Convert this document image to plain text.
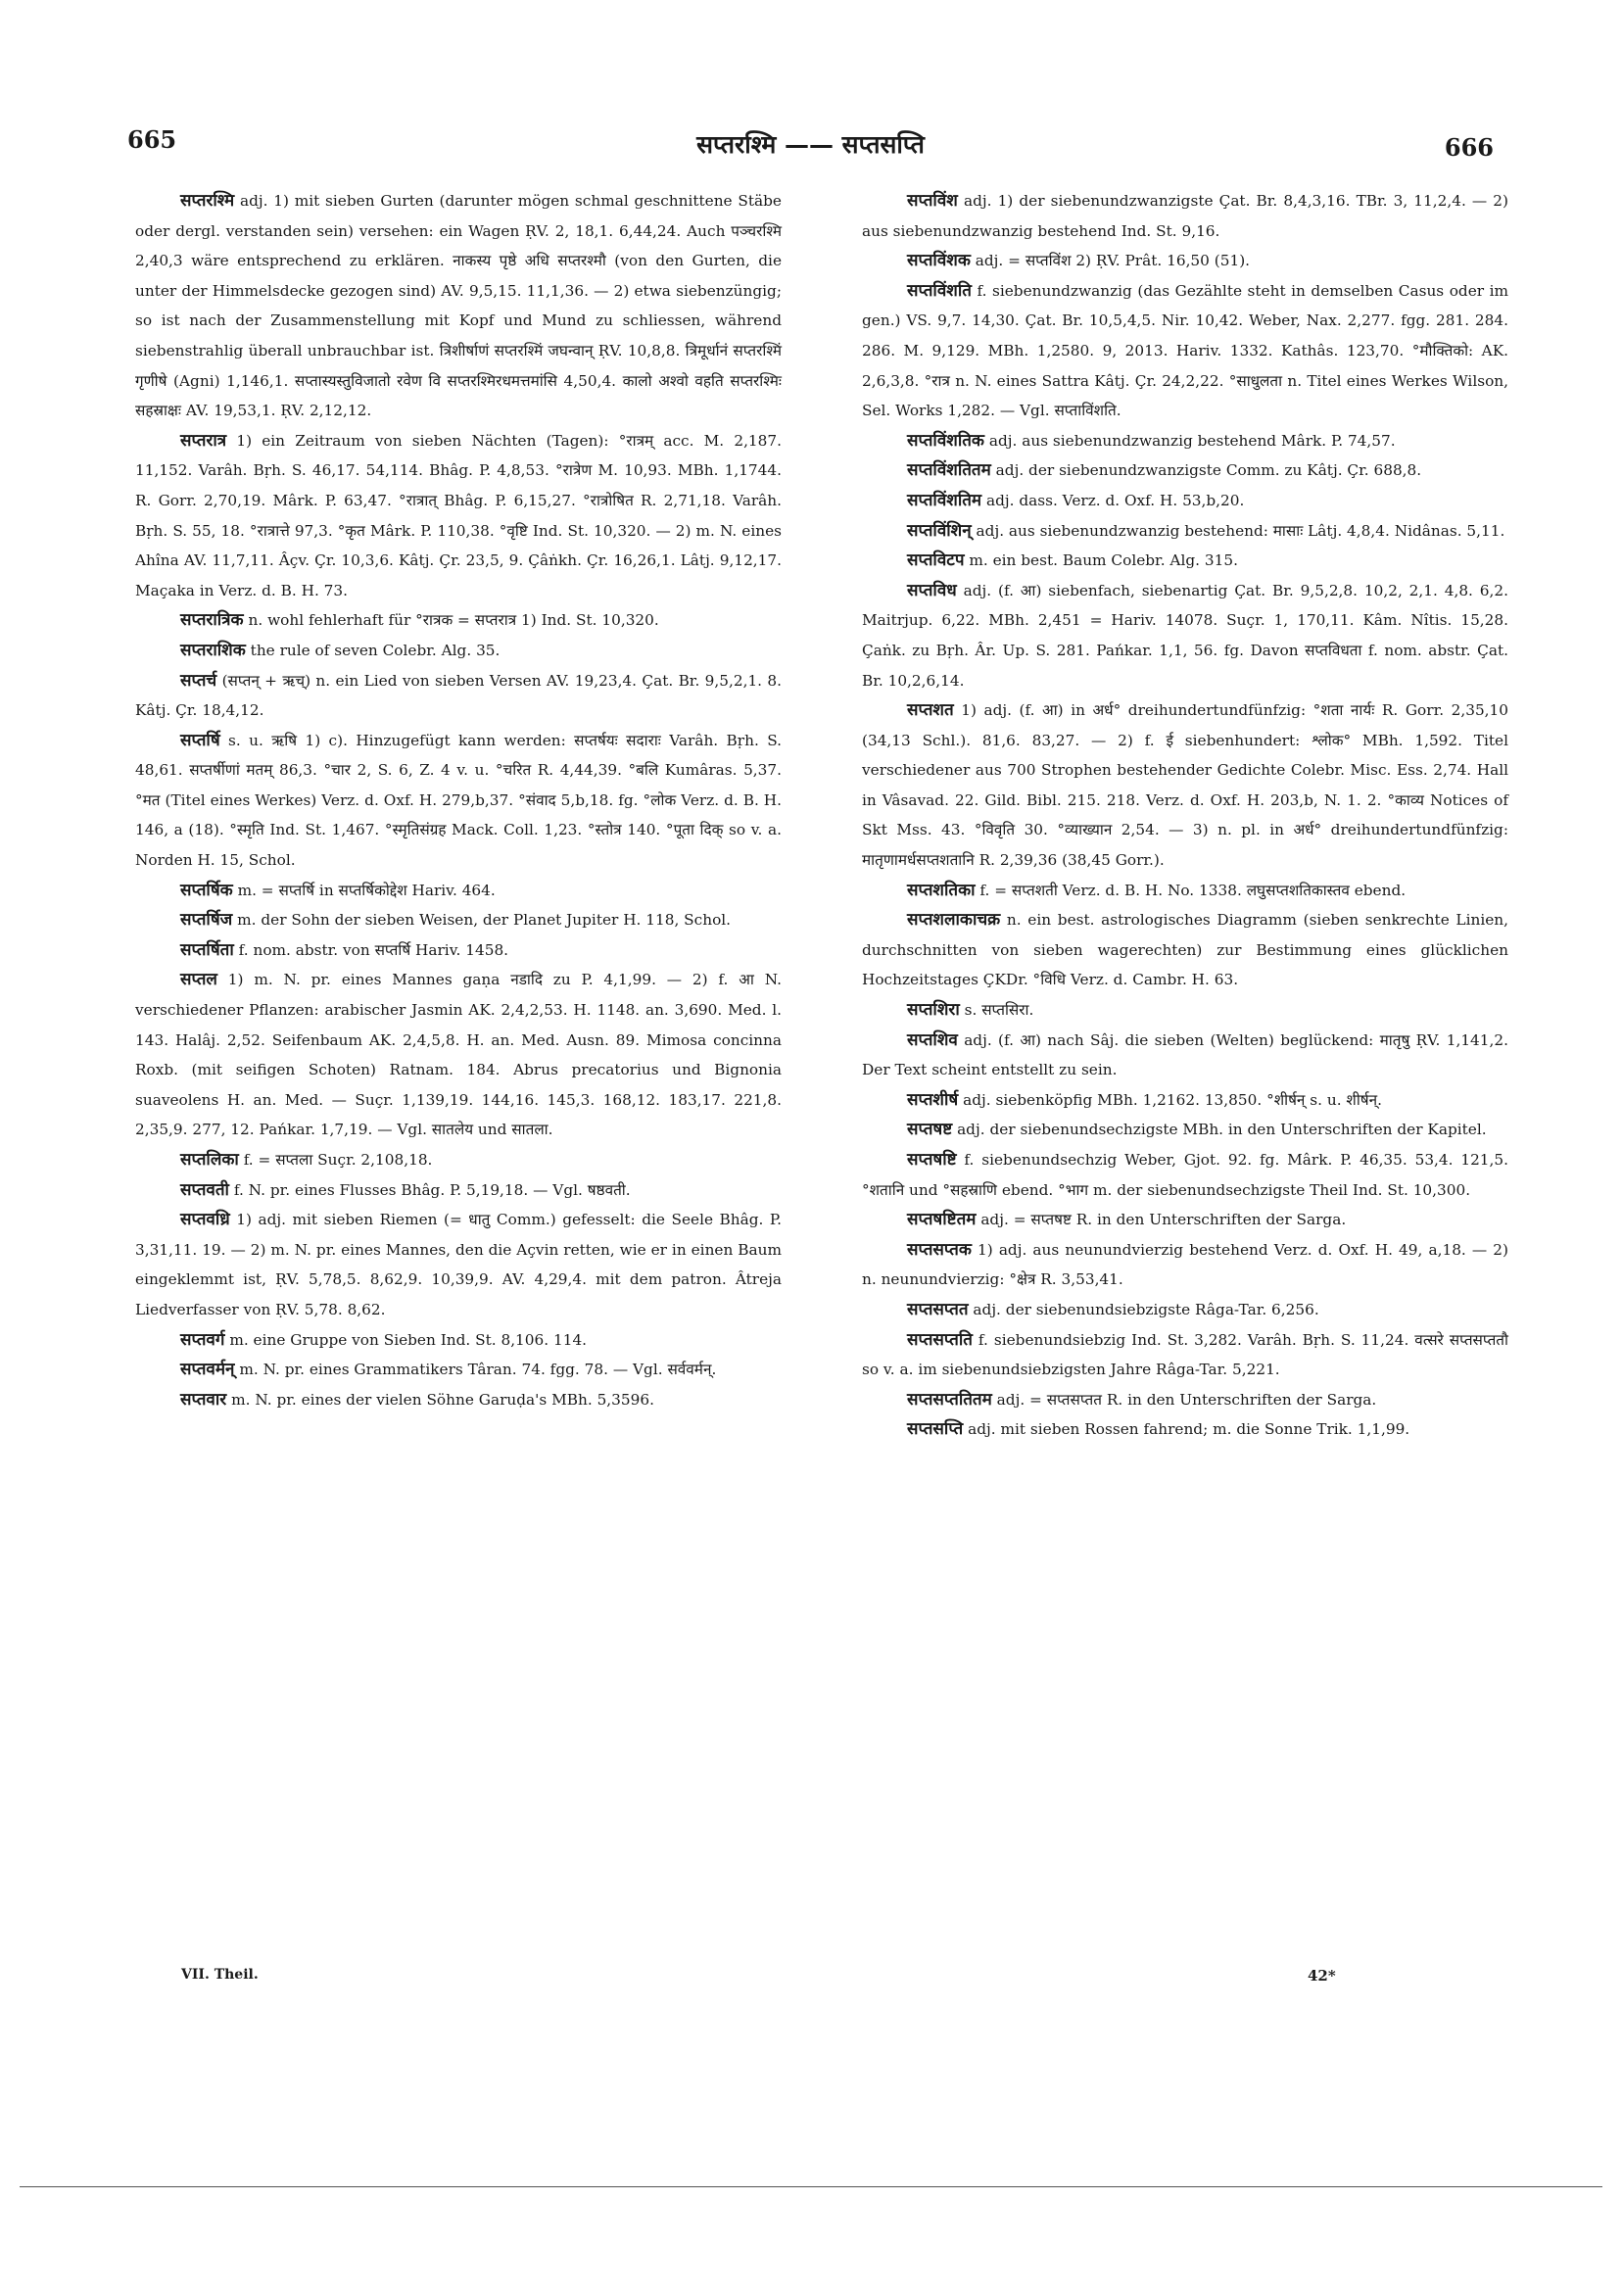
665	सप्तरश्मि —— सप्तसप्ति	666

सप्तरश्मि adj. 1) mit sieben Gurten (darunter mögen schmal geschnittene Stäbe oder dergl. verstanden sein) versehen: ein Wagen ṚV. 2, 18,1. 6,44,24. Auch पञ्चरश्मि 2,40,3 wäre entsprechend zu erklären. नाकस्य पृष्ठे अधि सप्तरश्मौ (von den Gurten, die unter der Himmelsdecke gezogen sind) AV. 9,5,15. 11,1,36. — 2) etwa siebenzüngig; so ist nach der Zusammenstellung mit Kopf und Mund zu schliessen, während siebenstrahlig überall unbrauchbar ist. त्रिशीर्षाणं सप्तरश्मिं जघन्वान् ṚV. 10,8,8. त्रिमूर्धानं सप्तरश्मिं गृणीषे (Agni) 1,146,1. सप्तास्यस्तुविजातो रवेण वि सप्तरश्मिरधमत्तमांसि 4,50,4. कालो अश्वो वहति सप्तरश्मिः सहस्राक्षः AV. 19,53,1. ṚV. 2,12,12.

सप्तरात्र 1) ein Zeitraum von sieben Nächten (Tagen): °रात्रम् acc. M. 2,187. 11,152. Varâh. Bṛh. S. 46,17. 54,114. Bhâg. P. 4,8,53. °रात्रेण M. 10,93. MBh. 1,1744. R. Gorr. 2,70,19. Mârk. P. 63,47. °रात्रात् Bhâg. P. 6,15,27. °रात्रोषित R. 2,71,18. Varâh. Bṛh. S. 55, 18. °रात्रात्ते 97,3. °कृत Mârk. P. 110,38. °वृष्टि Ind. St. 10,320. — 2) m. N. eines Ahîna AV. 11,7,11. Âçv. Çr. 10,3,6. Kâtj. Çr. 23,5, 9. Çâṅkh. Çr. 16,26,1. Lâtj. 9,12,17. Maçaka in Verz. d. B. H. 73.

सप्तरात्रिक n. wohl fehlerhaft für °रात्रक = सप्तरात्र 1) Ind. St. 10,320.

सप्तराशिक the rule of seven Colebr. Alg. 35.

सप्तर्च (सप्तन् + ऋच्) n. ein Lied von sieben Versen AV. 19,23,4. Çat. Br. 9,5,2,1. 8. Kâtj. Çr. 18,4,12.

सप्तर्षि s. u. ऋषि 1) c). Hinzugefügt kann werden: सप्तर्षयः सदाराः Varâh. Bṛh. S. 48,61. सप्तर्षीणां मतम् 86,3. °चार 2, S. 6, Z. 4 v. u. °चरित R. 4,44,39. °बलि Kumâras. 5,37. °मत (Titel eines Werkes) Verz. d. Oxf. H. 279,b,37. °संवाद 5,b,18. fg. °लोक Verz. d. B. H. 146, a (18). °स्मृति Ind. St. 1,467. °स्मृतिसंग्रह Mack. Coll. 1,23. °स्तोत्र 140. °पूता दिक् so v. a. Norden H. 15, Schol.

सप्तर्षिक m. = सप्तर्षि in सप्तर्षिकोद्देश Hariv. 464.

सप्तर्षिज m. der Sohn der sieben Weisen, der Planet Jupiter H. 118, Schol.

सप्तर्षिता f. nom. abstr. von सप्तर्षि Hariv. 1458.

सप्तल 1) m. N. pr. eines Mannes gaṇa नडादि zu P. 4,1,99. — 2) f. आ N. verschiedener Pflanzen: arabischer Jasmin AK. 2,4,2,53. H. 1148. an. 3,690. Med. l. 143. Halâj. 2,52. Seifenbaum AK. 2,4,5,8. H. an. Med. Ausn. 89. Mimosa concinna Roxb. (mit seifigen Schoten) Ratnam. 184. Abrus precatorius und Bignonia suaveolens H. an. Med. — Suçr. 1,139,19. 144,16. 145,3. 168,12. 183,17. 221,8. 2,35,9. 277, 12. Pańkar. 1,7,19. — Vgl. सातलेय und सातला.

सप्तलिका f. = सप्तला Suçr. 2,108,18.

सप्तवती f. N. pr. eines Flusses Bhâg. P. 5,19,18. — Vgl. षष्ठवती.

सप्तवध्रि 1) adj. mit sieben Riemen (= धातु Comm.) gefesselt: die Seele Bhâg. P. 3,31,11. 19. — 2) m. N. pr. eines Mannes, den die Açvin retten, wie er in einen Baum eingeklemmt ist, ṚV. 5,78,5. 8,62,9. 10,39,9. AV. 4,29,4. mit dem patron. Âtreja Liedverfasser von ṚV. 5,78. 8,62.

सप्तवर्ग m. eine Gruppe von Sieben Ind. St. 8,106. 114.

सप्तवर्मन् m. N. pr. eines Grammatikers Târan. 74. fgg. 78. — Vgl. सर्ववर्मन्.

सप्तवार m. N. pr. eines der vielen Söhne Garuḍa's MBh. 5,3596.

सप्तविंश adj. 1) der siebenundzwanzigste Çat. Br. 8,4,3,16. TBr. 3, 11,2,4. — 2) aus siebenundzwanzig bestehend Ind. St. 9,16.

सप्तविंशक adj. = सप्तविंश 2) ṚV. Prât. 16,50 (51).

सप्तविंशति f. siebenundzwanzig (das Gezählte steht in demselben Casus oder im gen.) VS. 9,7. 14,30. Çat. Br. 10,5,4,5. Nir. 10,42. Weber, Nax. 2,277. fgg. 281. 284. 286. M. 9,129. MBh. 1,2580. 9, 2013. Hariv. 1332. Kathâs. 123,70. °मौक्तिको: AK. 2,6,3,8. °रात्र n. N. eines Sattra Kâtj. Çr. 24,2,22. °साधुलता n. Titel eines Werkes Wilson, Sel. Works 1,282. — Vgl. सप्ताविंशति.

सप्तविंशतिक adj. aus siebenundzwanzig bestehend Mârk. P. 74,57.

सप्तविंशतितम adj. der siebenundzwanzigste Comm. zu Kâtj. Çr. 688,8.

सप्तविंशतिम adj. dass. Verz. d. Oxf. H. 53,b,20.

सप्तविंशिन् adj. aus siebenundzwanzig bestehend: मासाः Lâtj. 4,8,4. Nidânas. 5,11.

सप्तविटप m. ein best. Baum Colebr. Alg. 315.

सप्तविध adj. (f. आ) siebenfach, siebenartig Çat. Br. 9,5,2,8. 10,2, 2,1. 4,8. 6,2. Maitrjup. 6,22. MBh. 2,451 = Hariv. 14078. Suçr. 1, 170,11. Kâm. Nîtis. 15,28. Çaṅk. zu Bṛh. Âr. Up. S. 281. Pańkar. 1,1, 56. fg. Davon सप्तविधता f. nom. abstr. Çat. Br. 10,2,6,14.

सप्तशत 1) adj. (f. आ) in अर्ध° dreihundertundfünfzig: °शता नार्यः R. Gorr. 2,35,10 (34,13 Schl.). 81,6. 83,27. — 2) f. ई siebenhundert: श्लोक° MBh. 1,592. Titel verschiedener aus 700 Strophen bestehender Gedichte Colebr. Misc. Ess. 2,74. Hall in Vâsavad. 22. Gild. Bibl. 215. 218. Verz. d. Oxf. H. 203,b, N. 1. 2. °काव्य Notices of Skt Mss. 43. °विवृति 30. °व्याख्यान 2,54. — 3) n. pl. in अर्ध° dreihundertundfünfzig: मातृणामर्धसप्तशतानि R. 2,39,36 (38,45 Gorr.).

सप्तशतिका f. = सप्तशती Verz. d. B. H. No. 1338. लघुसप्तशतिकास्तव ebend.

सप्तशलाकाचक्र n. ein best. astrologisches Diagramm (sieben senkrechte Linien, durchschnitten von sieben wagerechten) zur Bestimmung eines glücklichen Hochzeitstages ÇKDr. °विधि Verz. d. Cambr. H. 63.

सप्तशिरा s. सप्तसिरा.

सप्तशिव adj. (f. आ) nach Sâj. die sieben (Welten) beglückend: मातृषु ṚV. 1,141,2. Der Text scheint entstellt zu sein.

सप्तशीर्ष adj. siebenköpfig MBh. 1,2162. 13,850. °शीर्षन् s. u. शीर्षन्.

सप्तषष्ट adj. der siebenundsechzigste MBh. in den Unterschriften der Kapitel.

सप्तषष्टि f. siebenundsechzig Weber, Gjot. 92. fg. Mârk. P. 46,35. 53,4. 121,5. °शतानि und °सहस्राणि ebend. °भाग m. der siebenundsechzigste Theil Ind. St. 10,300.

सप्तषष्टितम adj. = सप्तषष्ट R. in den Unterschriften der Sarga.

सप्तसप्तक 1) adj. aus neunundvierzig bestehend Verz. d. Oxf. H. 49, a,18. — 2) n. neunundvierzig: °क्षेत्र R. 3,53,41.

सप्तसप्तत adj. der siebenundsiebzigste Râga-Tar. 6,256.

सप्तसप्तति f. siebenundsiebzig Ind. St. 3,282. Varâh. Bṛh. S. 11,24. वत्सरे सप्तसप्ततौ so v. a. im siebenundsiebzigsten Jahre Râga-Tar. 5,221.

सप्तसप्ततितम adj. = सप्तसप्तत R. in den Unterschriften der Sarga.

सप्तसप्ति adj. mit sieben Rossen fahrend; m. die Sonne Trik. 1,1,99.

VII. Theil.	42*
